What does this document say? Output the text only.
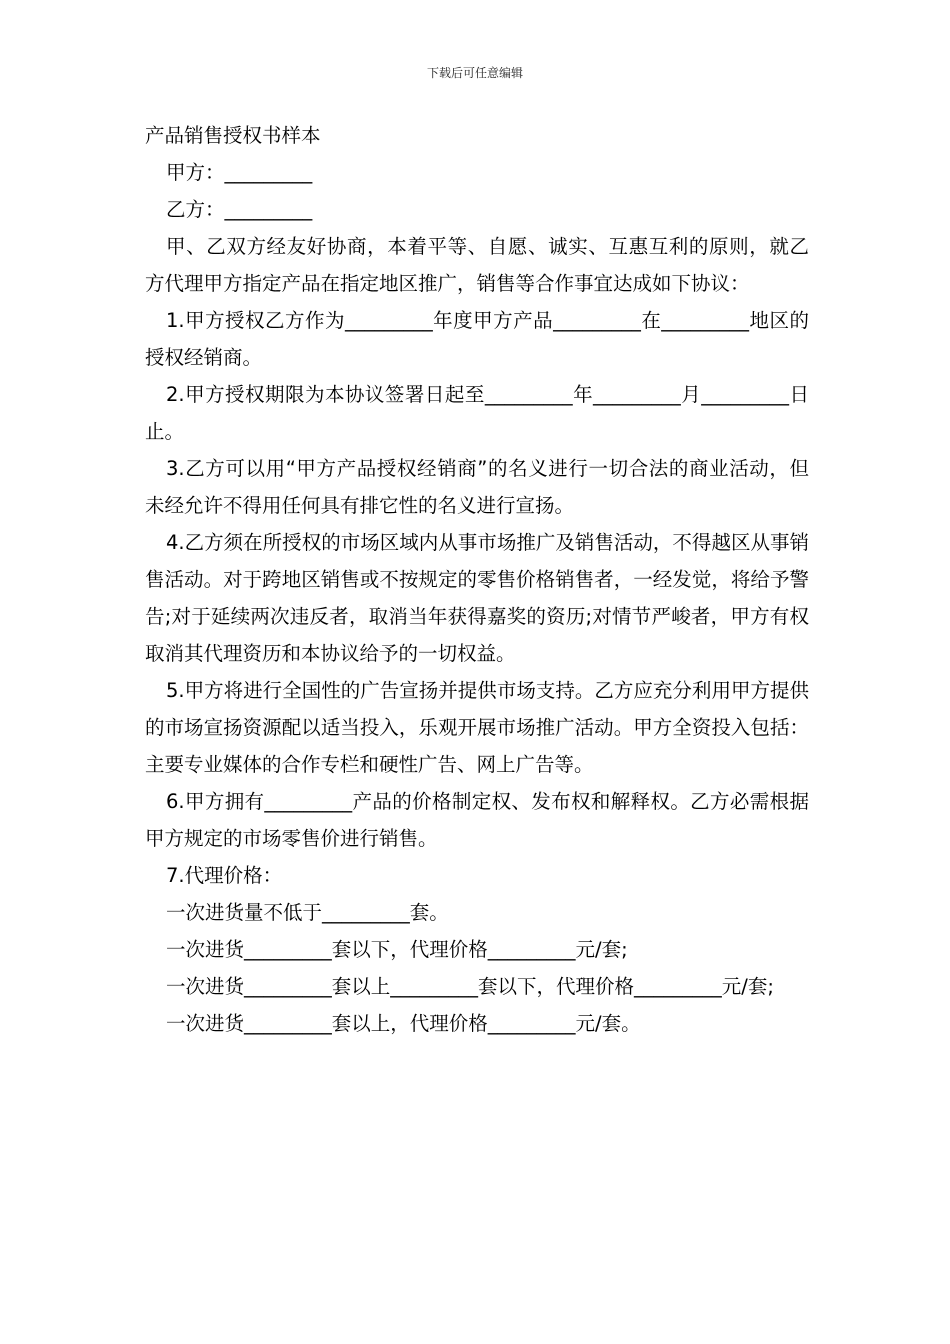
下载后可任意编辑
产品销售授权书样本
甲方：_________
乙方：_________
甲、乙双方经友好协商，本着平等、自愿、诚实、互惠互利的原则，就乙方代理甲方指定产品在指定地区推广，销售等合作事宜达成如下协议：
1.甲方授权乙方作为_________年度甲方产品_________在_________地区的授权经销商。
2.甲方授权期限为本协议签署日起至_________年_________月_________日止。
3.乙方可以用“甲方产品授权经销商”的名义进行一切合法的商业活动，但未经允许不得用任何具有排它性的名义进行宣扬。
4.乙方须在所授权的市场区域内从事市场推广及销售活动，不得越区从事销售活动。对于跨地区销售或不按规定的零售价格销售者，一经发觉，将给予警告;对于延续两次违反者，取消当年获得嘉奖的资历;对情节严峻者，甲方有权取消其代理资历和本协议给予的一切权益。
5.甲方将进行全国性的广告宣扬并提供市场支持。乙方应充分利用甲方提供的市场宣扬资源配以适当投入，乐观开展市场推广活动。甲方全资投入包括：主要专业媒体的合作专栏和硬性广告、网上广告等。
6.甲方拥有_________产品的价格制定权、发布权和解释权。乙方必需根据甲方规定的市场零售价进行销售。
7.代理价格：
一次进货量不低于_________套。
一次进货_________套以下，代理价格_________元/套;
一次进货_________套以上_________套以下，代理价格_________元/套;
一次进货_________套以上，代理价格_________元/套。
